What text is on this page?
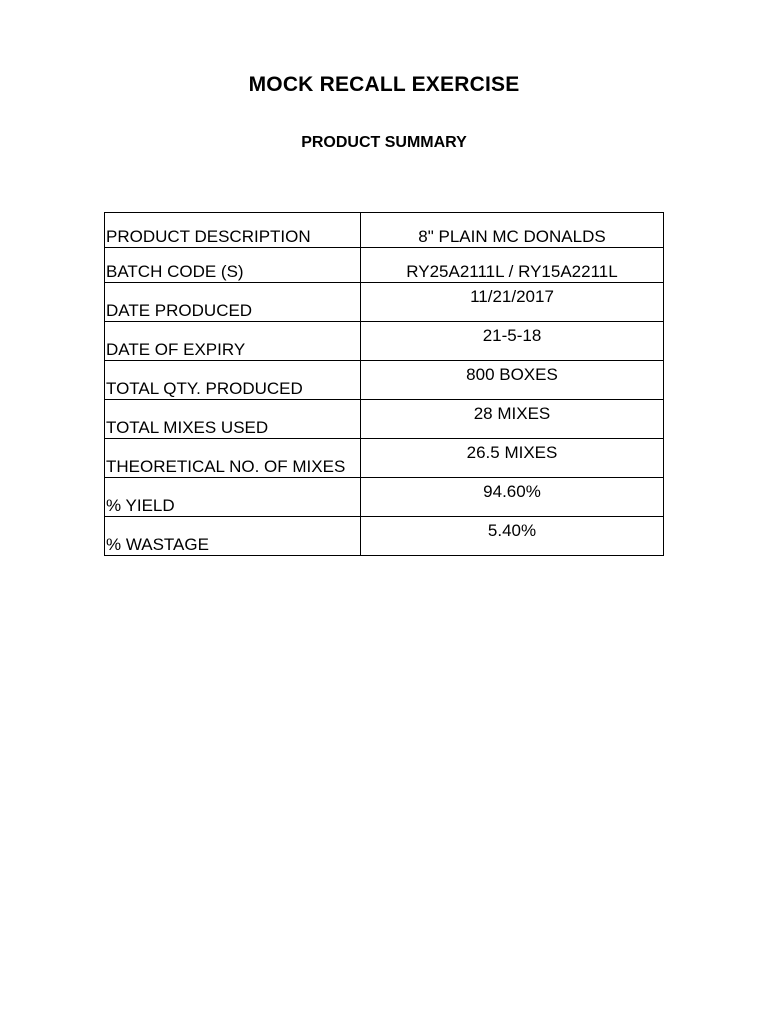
MOCK RECALL EXERCISE
PRODUCT SUMMARY
PRODUCT DESCRIPTION	8" PLAIN MC DONALDS
BATCH CODE (S)	RY25A2111L / RY15A2211L
DATE PRODUCED	11/21/2017
DATE OF EXPIRY	21-5-18
TOTAL QTY. PRODUCED	800 BOXES
TOTAL MIXES USED	28 MIXES
THEORETICAL NO. OF MIXES	26.5 MIXES
% YIELD	94.60%
% WASTAGE	5.40%
